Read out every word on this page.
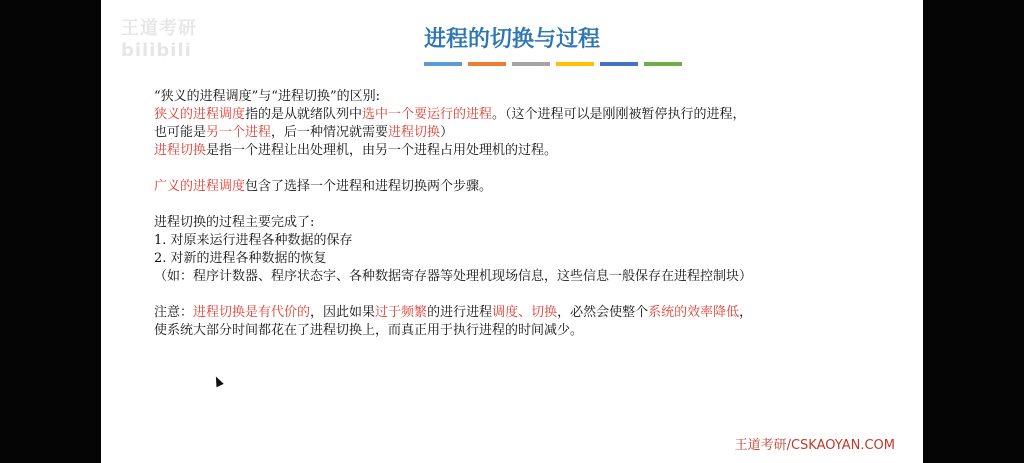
王道考研 bilibili	进程的切换与过程

“狭义的进程调度”与“进程切换”的区别:

狭义的进程调度指的是从就绪队列中选中一个要运行的进程。（这个进程可以是刚刚被暂停执行的进程，

也可能是另一个进程，后一种情况就需要进程切换）

进程切换是指一个进程让出处理机，由另一个进程占用处理机的过程。

广义的进程调度包含了选择一个进程和进程切换两个步骤。

进程切换的过程主要完成了:

1. 对原来运行进程各种数据的保存

2. 对新的进程各种数据的恢复

（如：程序计数器、程序状态字、各种数据寄存器等处理机现场信息，这些信息一般保存在进程控制块）

注意：进程切换是有代价的，因此如果过于频繁的进行进程调度、切换，必然会使整个系统的效率降低，

使系统大部分时间都花在了进程切换上，而真正用于执行进程的时间减少。

王道考研/CSKAOYAN.COM
